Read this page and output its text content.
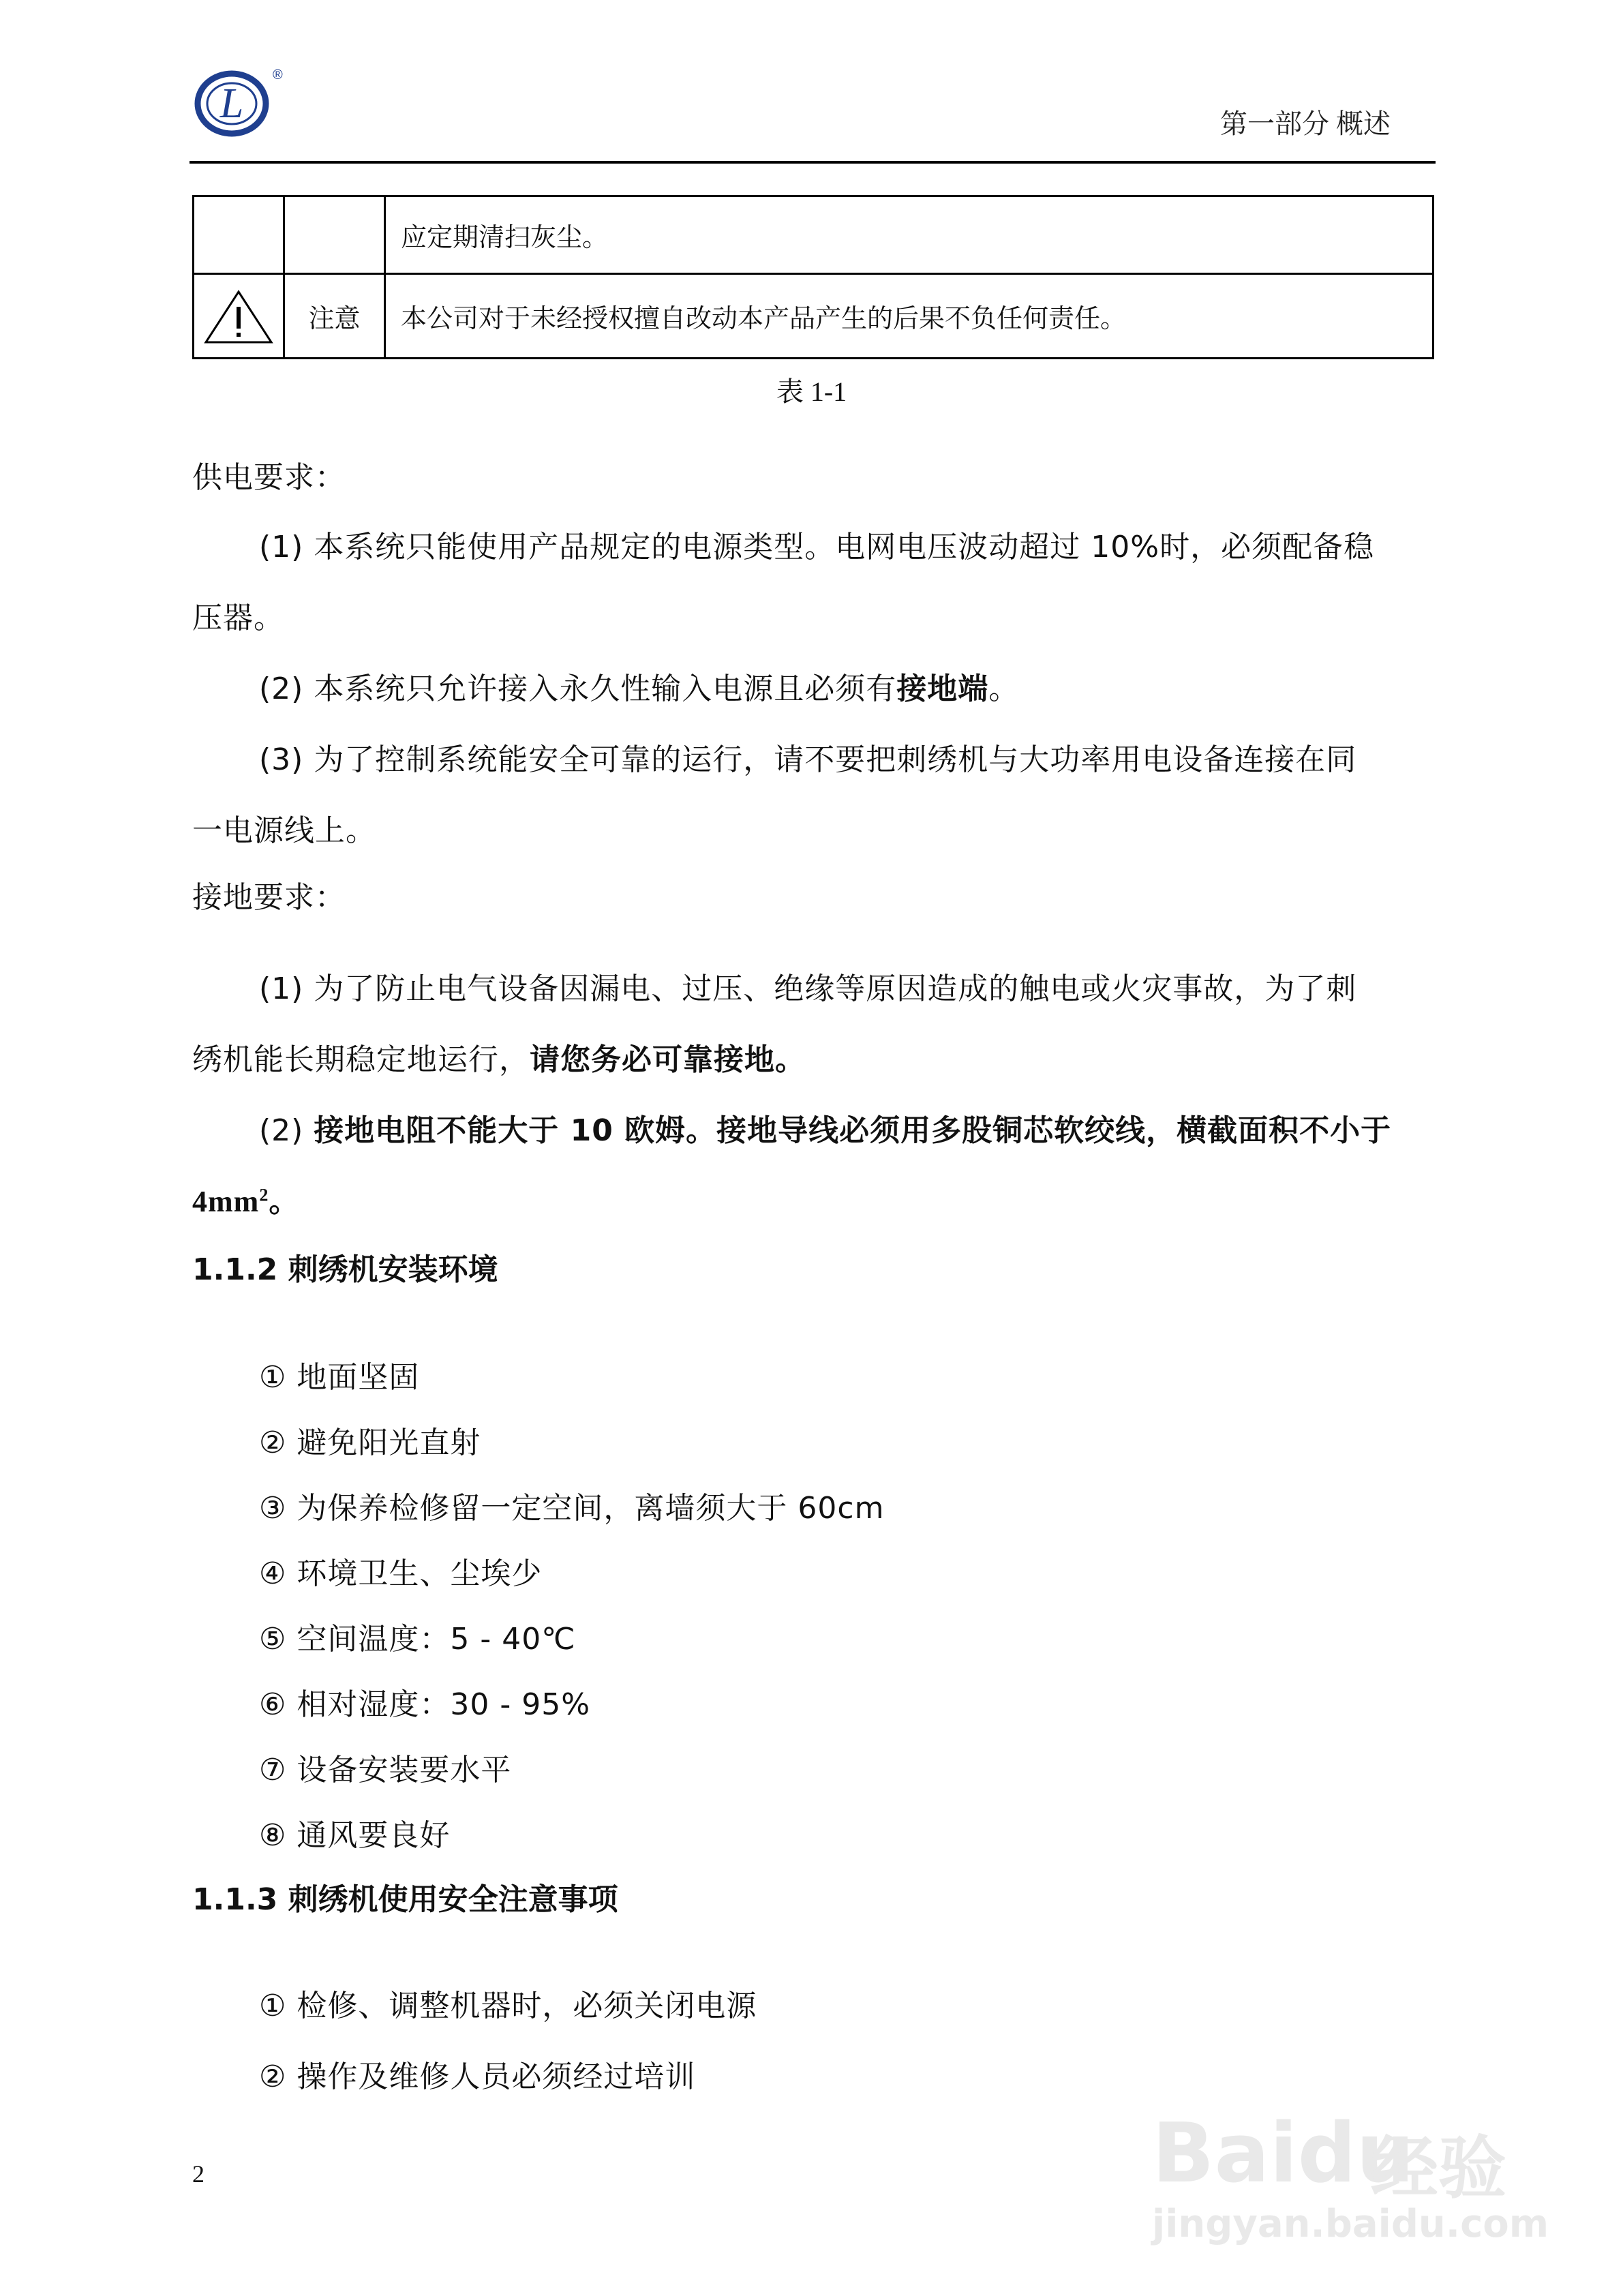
L
®
第一部分 概述
		应定期清扫灰尘。

	注意	本公司对于未经授权擅自改动本产品产生的后果不负任何责任。
表 1-1
供电要求：
(1) 本系统只能使用产品规定的电源类型。电网电压波动超过 10%时，必须配备稳
压器。
(2) 本系统只允许接入永久性输入电源且必须有接地端。
(3) 为了控制系统能安全可靠的运行，请不要把刺绣机与大功率用电设备连接在同
一电源线上。
接地要求：
(1) 为了防止电气设备因漏电、过压、绝缘等原因造成的触电或火灾事故，为了刺
绣机能长期稳定地运行，请您务必可靠接地。
(2) 接地电阻不能大于 10 欧姆。接地导线必须用多股铜芯软绞线，横截面积不小于
$4mm^2$。
1.1.2 刺绣机安装环境
① 地面坚固
② 避免阳光直射
③ 为保养检修留一定空间，离墙须大于 60cm
④ 环境卫生、尘埃少
⑤ 空间温度：5 - 40℃
⑥ 相对湿度：30 - 95%
⑦ 设备安装要水平
⑧ 通风要良好
1.1.3 刺绣机使用安全注意事项
① 检修、调整机器时，必须关闭电源
② 操作及维修人员必须经过培训
2	Baidu
经验
jingyan.baidu.com
